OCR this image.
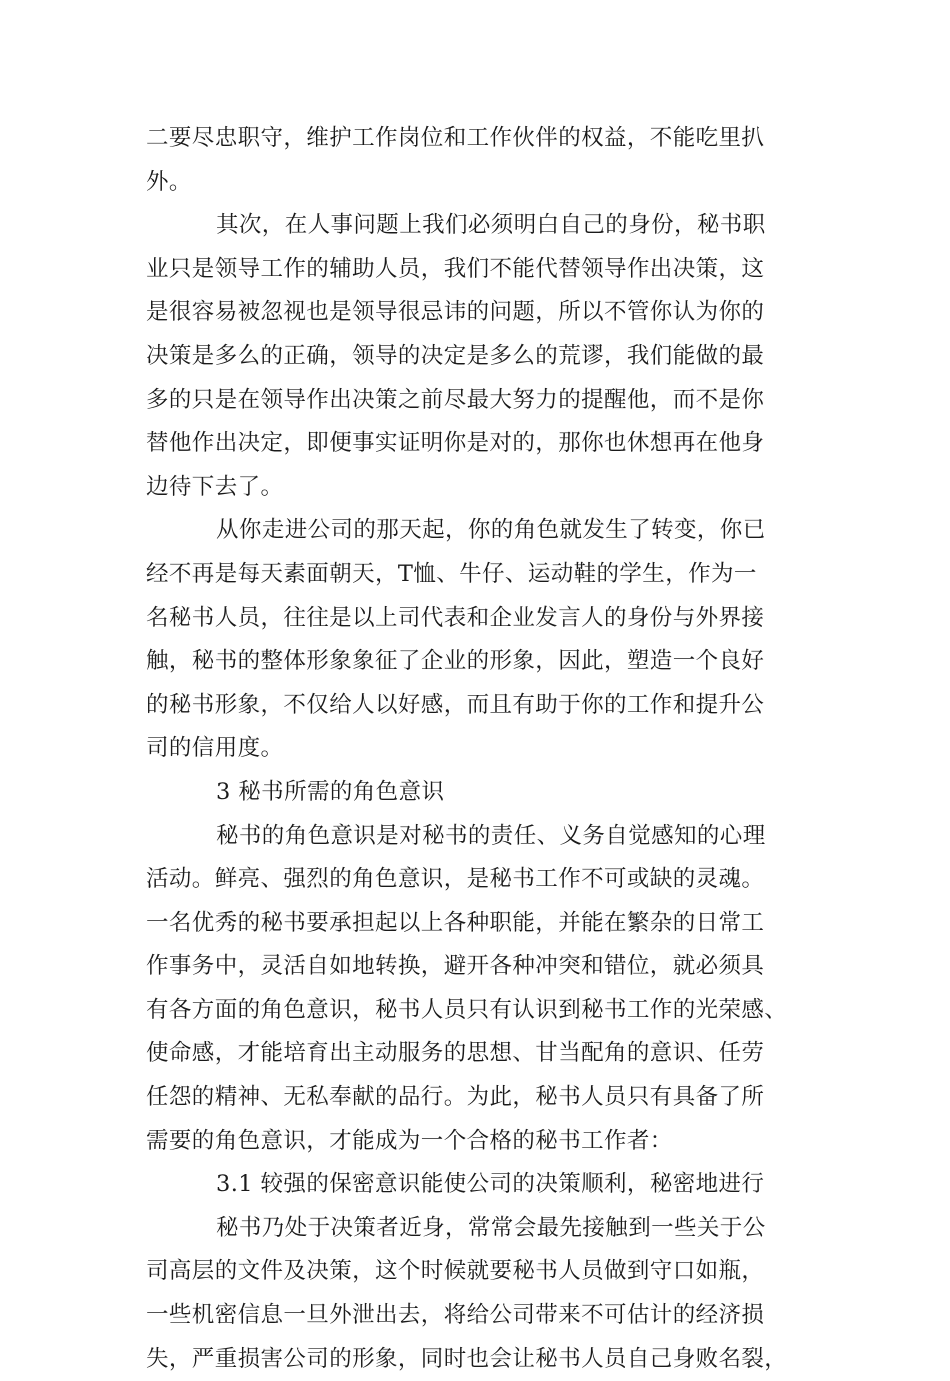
二要尽忠职守，维护工作岗位和工作伙伴的权益，不能吃里扒
外。
其次，在人事问题上我们必须明白自己的身份，秘书职
业只是领导工作的辅助人员，我们不能代替领导作出决策，这
是很容易被忽视也是领导很忌讳的问题，所以不管你认为你的
决策是多么的正确，领导的决定是多么的荒谬，我们能做的最
多的只是在领导作出决策之前尽最大努力的提醒他，而不是你
替他作出决定，即便事实证明你是对的，那你也休想再在他身
边待下去了。
从你走进公司的那天起，你的角色就发生了转变，你已
经不再是每天素面朝天，T恤、牛仔、运动鞋的学生，作为一
名秘书人员，往往是以上司代表和企业发言人的身份与外界接
触，秘书的整体形象象征了企业的形象，因此，塑造一个良好
的秘书形象，不仅给人以好感，而且有助于你的工作和提升公
司的信用度。
3 秘书所需的角色意识
秘书的角色意识是对秘书的责任、义务自觉感知的心理
活动。鲜亮、强烈的角色意识，是秘书工作不可或缺的灵魂。
一名优秀的秘书要承担起以上各种职能，并能在繁杂的日常工
作事务中，灵活自如地转换，避开各种冲突和错位，就必须具
有各方面的角色意识，秘书人员只有认识到秘书工作的光荣感、
使命感，才能培育出主动服务的思想、甘当配角的意识、任劳
任怨的精神、无私奉献的品行。为此，秘书人员只有具备了所
需要的角色意识，才能成为一个合格的秘书工作者：
3.1 较强的保密意识能使公司的决策顺利，秘密地进行
秘书乃处于决策者近身，常常会最先接触到一些关于公
司高层的文件及决策，这个时候就要秘书人员做到守口如瓶，
一些机密信息一旦外泄出去，将给公司带来不可估计的经济损
失，严重损害公司的形象，同时也会让秘书人员自己身败名裂，
